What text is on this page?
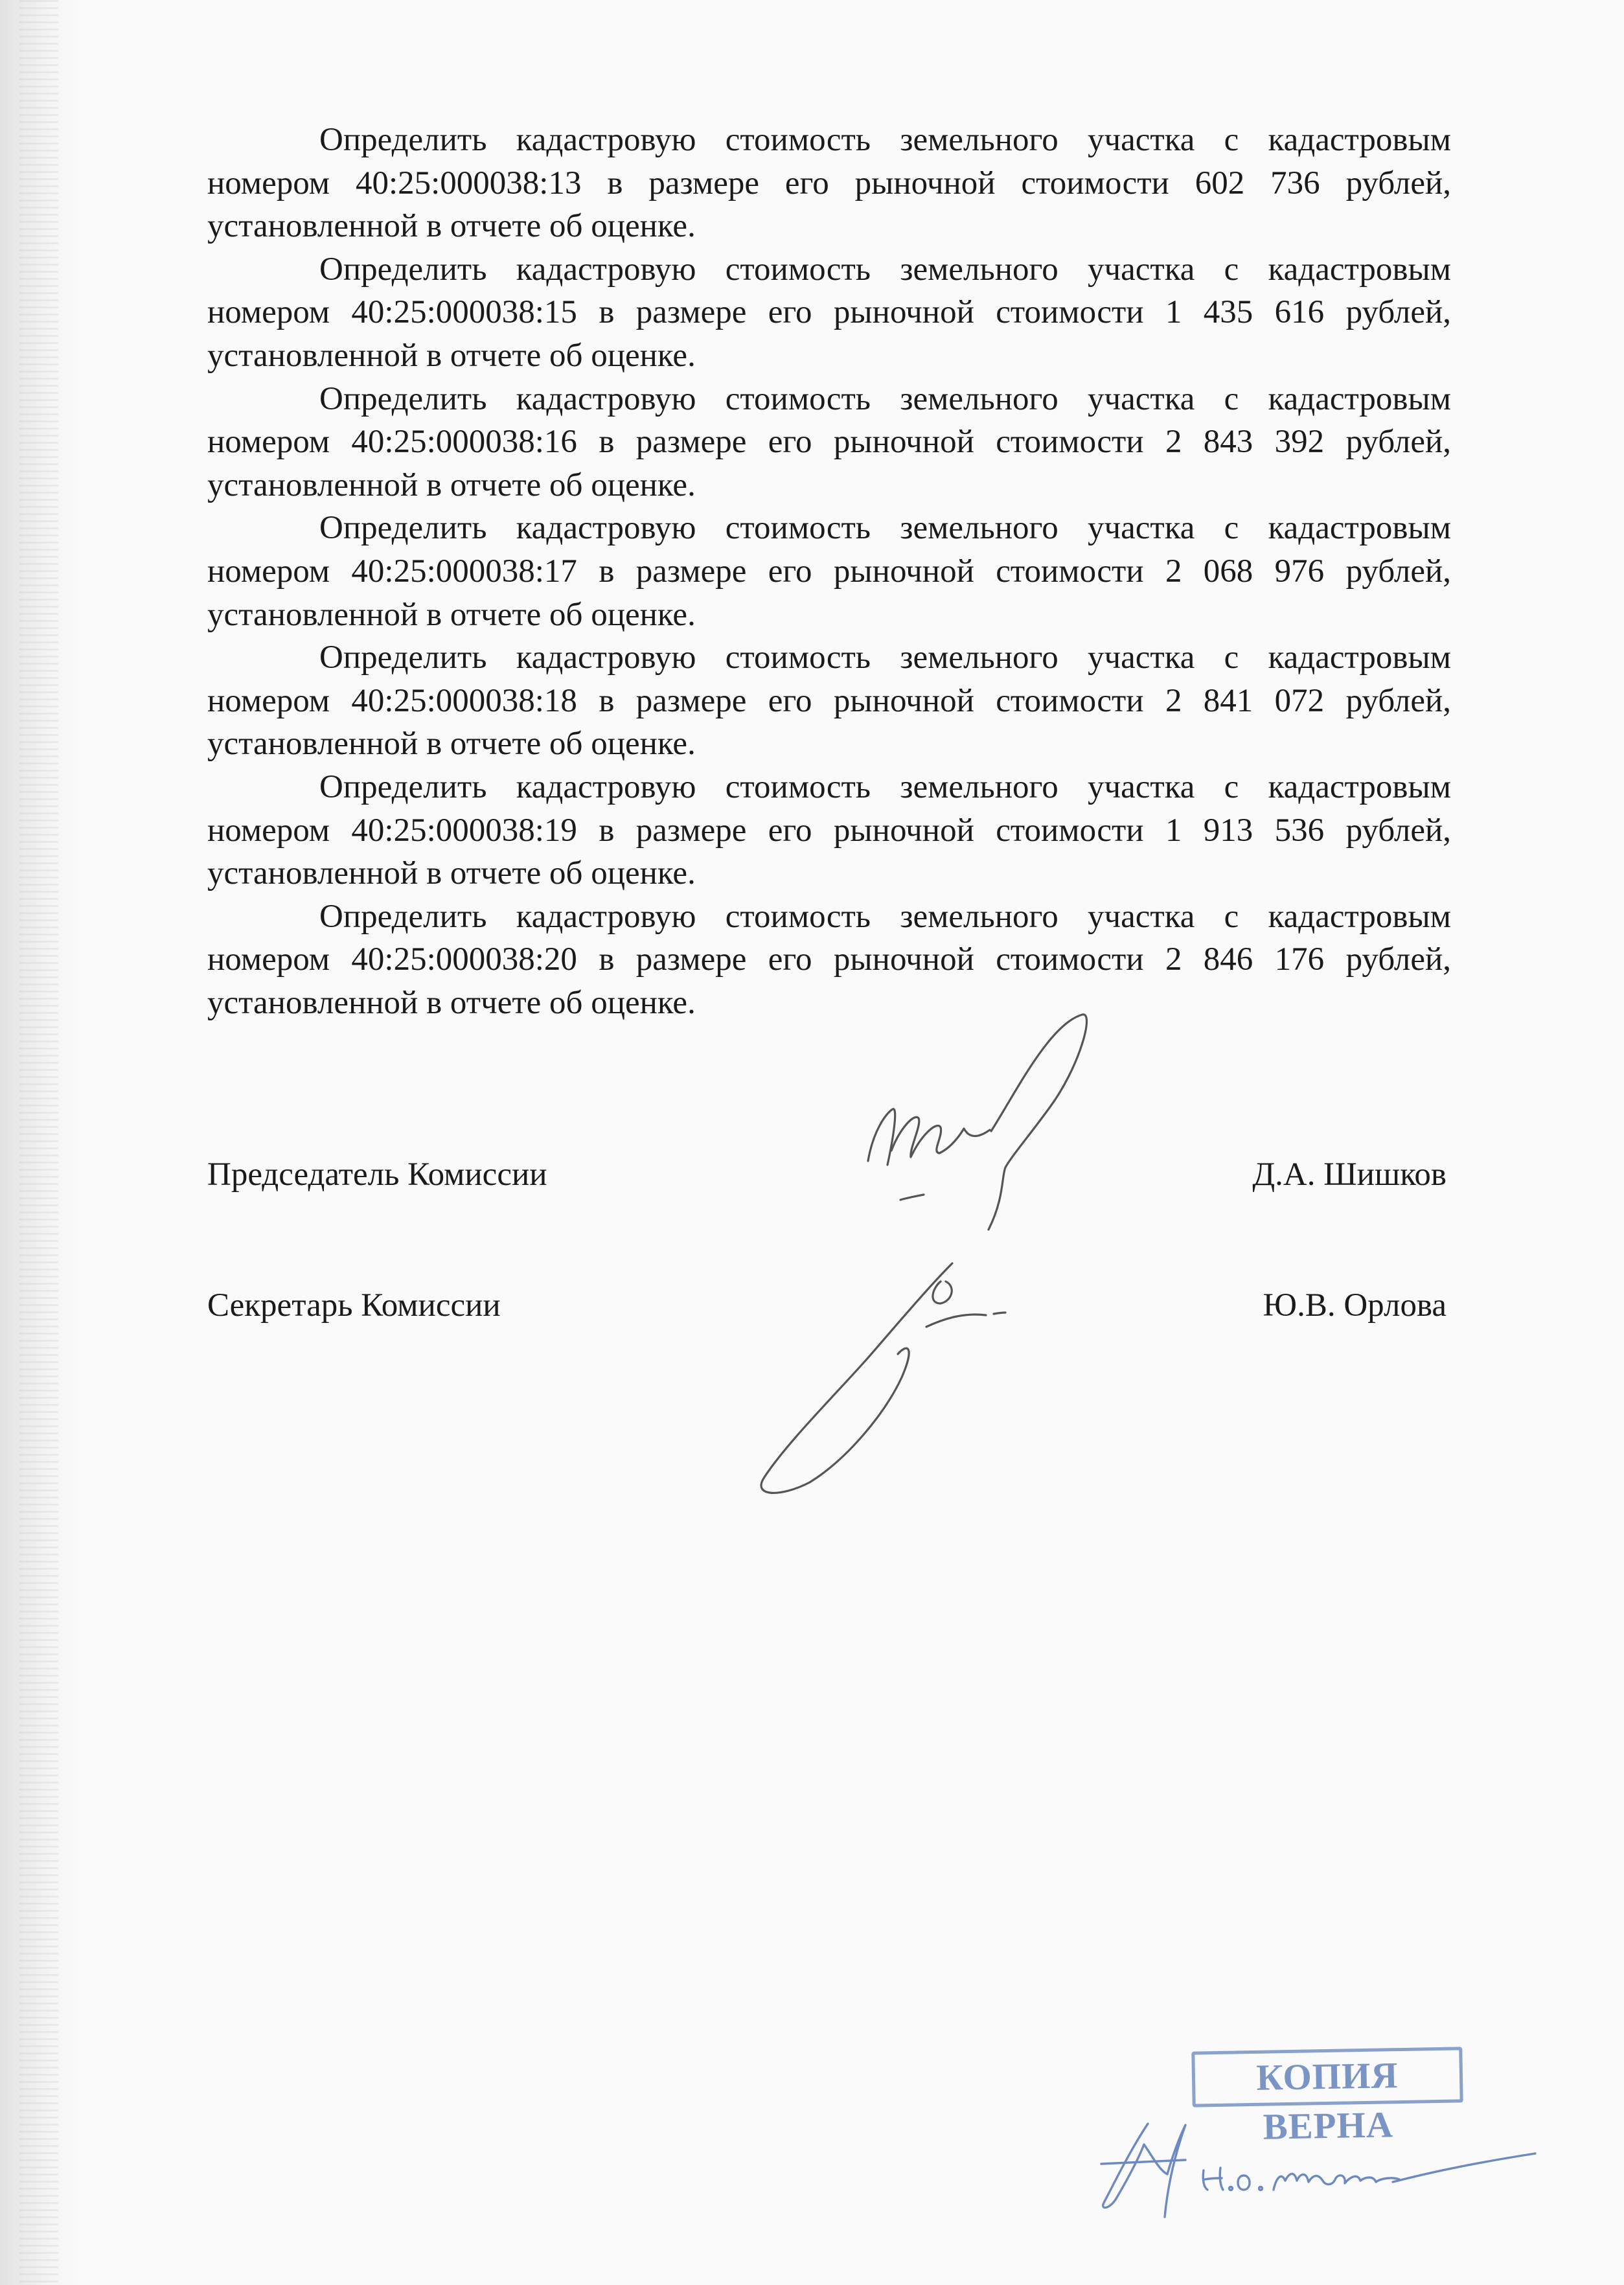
Определить кадастровую стоимость земельного участка с кадастровым номером 40:25:000038:13 в размере его рыночной стоимости 602 736 рублей, установленной в отчете об оценке.

Определить кадастровую стоимость земельного участка с кадастровым номером 40:25:000038:15 в размере его рыночной стоимости 1 435 616 рублей, установленной в отчете об оценке.

Определить кадастровую стоимость земельного участка с кадастровым номером 40:25:000038:16 в размере его рыночной стоимости 2 843 392 рублей, установленной в отчете об оценке.

Определить кадастровую стоимость земельного участка с кадастровым номером 40:25:000038:17 в размере его рыночной стоимости 2 068 976 рублей, установленной в отчете об оценке.

Определить кадастровую стоимость земельного участка с кадастровым номером 40:25:000038:18 в размере его рыночной стоимости 2 841 072 рублей, установленной в отчете об оценке.

Определить кадастровую стоимость земельного участка с кадастровым номером 40:25:000038:19 в размере его рыночной стоимости 1 913 536 рублей, установленной в отчете об оценке.

Определить кадастровую стоимость земельного участка с кадастровым номером 40:25:000038:20 в размере его рыночной стоимости 2 846 176 рублей, установленной в отчете об оценке.

Председатель Комиссии	Д.А. Шишков
Секретарь Комиссии	Ю.В. Орлова
КОПИЯ ВЕРНА
